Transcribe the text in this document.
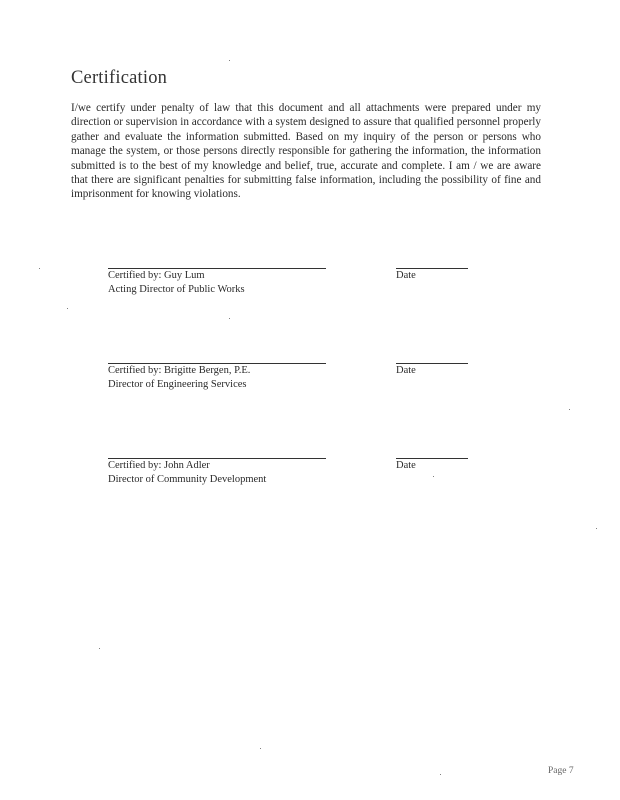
Certification
I/we certify under penalty of law that this document and all attachments were prepared under my direction or supervision in accordance with a system designed to assure that qualified personnel properly gather and evaluate the information submitted. Based on my inquiry of the person or persons who manage the system, or those persons directly responsible for gathering the information, the information submitted is to the best of my knowledge and belief, true, accurate and complete. I am / we are aware that there are significant penalties for submitting false information, including the possibility of fine and imprisonment for knowing violations.
Certified by: Guy Lum
Acting Director of Public Works
Date
Certified by: Brigitte Bergen, P.E.
Director of Engineering Services
Date
Certified by: John Adler
Director of Community Development
Date
Page 7
